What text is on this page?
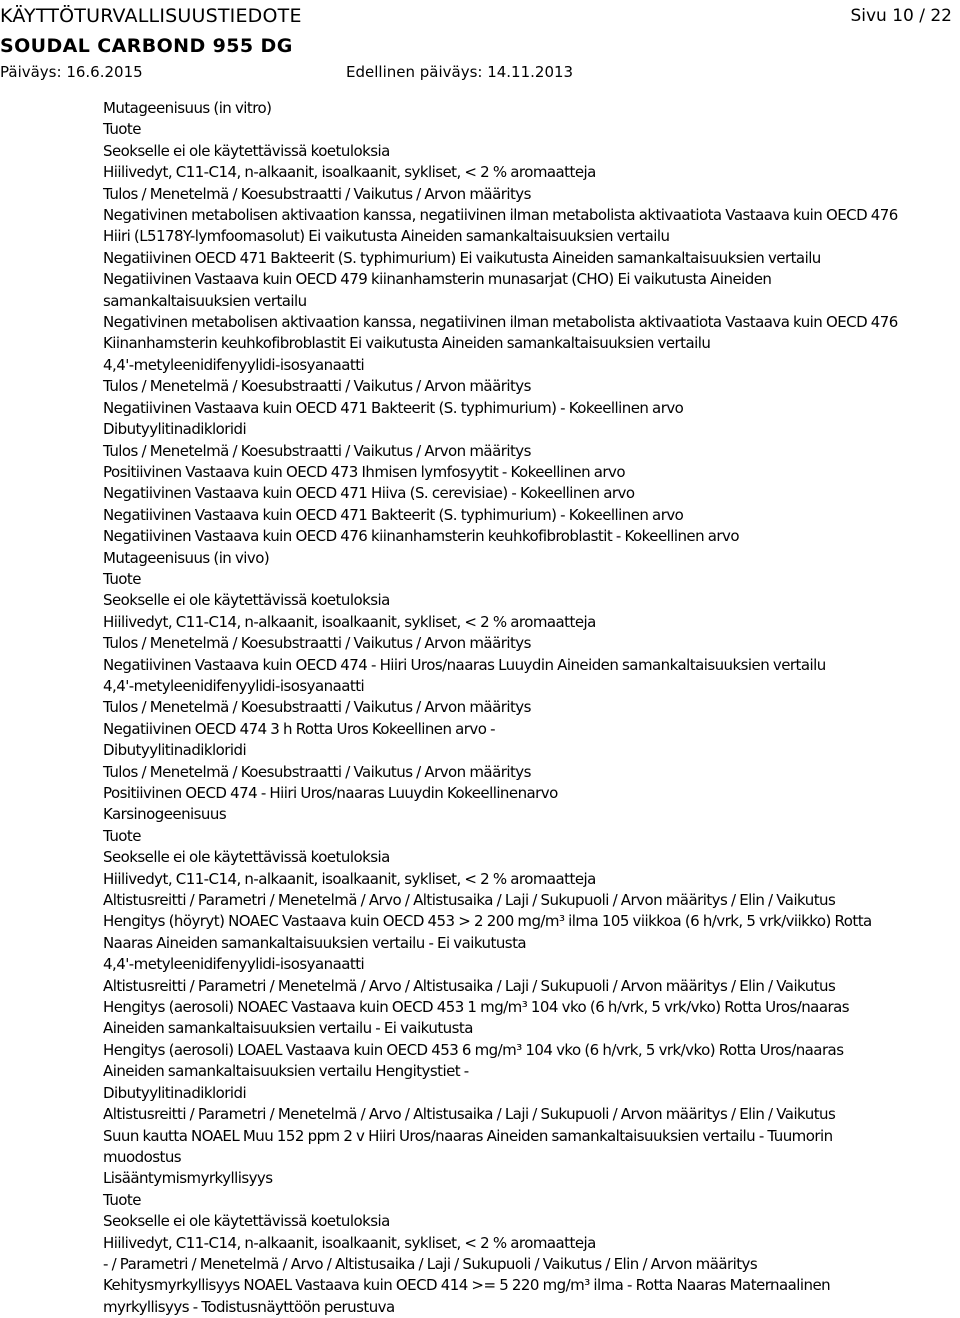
KÄYTTÖTURVALLISUUSTIEDOTE	Sivu 10 / 22
SOUDAL CARBOND 955 DG
Päiväys: 16.6.2015	Edellinen päiväys: 14.11.2013
Mutageenisuus (in vitro)
Tuote
Seokselle ei ole käytettävissä koetuloksia
Hiilivedyt, C11-C14, n-alkaanit, isoalkaanit, sykliset, < 2 % aromaatteja
Tulos / Menetelmä / Koesubstraatti / Vaikutus / Arvon määritys
Negativinen metabolisen aktivaation kanssa, negatiivinen ilman metabolista aktivaatiota Vastaava kuin OECD 476
Hiiri (L5178Y-lymfoomasolut) Ei vaikutusta Aineiden samankaltaisuuksien vertailu
Negatiivinen OECD 471 Bakteerit (S. typhimurium) Ei vaikutusta Aineiden samankaltaisuuksien vertailu
Negatiivinen Vastaava kuin OECD 479 kiinanhamsterin munasarjat (CHO) Ei vaikutusta Aineiden
samankaltaisuuksien vertailu
Negativinen metabolisen aktivaation kanssa, negatiivinen ilman metabolista aktivaatiota Vastaava kuin OECD 476
Kiinanhamsterin keuhkofibroblastit Ei vaikutusta Aineiden samankaltaisuuksien vertailu
4,4'-metyleenidifenyylidi-isosyanaatti
Tulos / Menetelmä / Koesubstraatti / Vaikutus / Arvon määritys
Negatiivinen Vastaava kuin OECD 471 Bakteerit (S. typhimurium) - Kokeellinen arvo
Dibutyylitinadikloridi
Tulos / Menetelmä / Koesubstraatti / Vaikutus / Arvon määritys
Positiivinen Vastaava kuin OECD 473 Ihmisen lymfosyytit - Kokeellinen arvo
Negatiivinen Vastaava kuin OECD 471 Hiiva (S. cerevisiae) - Kokeellinen arvo
Negatiivinen Vastaava kuin OECD 471 Bakteerit (S. typhimurium) - Kokeellinen arvo
Negatiivinen Vastaava kuin OECD 476 kiinanhamsterin keuhkofibroblastit - Kokeellinen arvo
Mutageenisuus (in vivo)
Tuote
Seokselle ei ole käytettävissä koetuloksia
Hiilivedyt, C11-C14, n-alkaanit, isoalkaanit, sykliset, < 2 % aromaatteja
Tulos / Menetelmä / Koesubstraatti / Vaikutus / Arvon määritys
Negatiivinen Vastaava kuin OECD 474 - Hiiri Uros/naaras Luuydin Aineiden samankaltaisuuksien vertailu
4,4'-metyleenidifenyylidi-isosyanaatti
Tulos / Menetelmä / Koesubstraatti / Vaikutus / Arvon määritys
Negatiivinen OECD 474 3 h Rotta Uros Kokeellinen arvo -
Dibutyylitinadikloridi
Tulos / Menetelmä / Koesubstraatti / Vaikutus / Arvon määritys
Positiivinen OECD 474 - Hiiri Uros/naaras Luuydin Kokeellinenarvo
Karsinogeenisuus
Tuote
Seokselle ei ole käytettävissä koetuloksia
Hiilivedyt, C11-C14, n-alkaanit, isoalkaanit, sykliset, < 2 % aromaatteja
Altistusreitti / Parametri / Menetelmä / Arvo / Altistusaika / Laji / Sukupuoli / Arvon määritys / Elin / Vaikutus
Hengitys (höyryt) NOAEC Vastaava kuin OECD 453 > 2 200 mg/m³ ilma 105 viikkoa (6 h/vrk, 5 vrk/viikko) Rotta
Naaras Aineiden samankaltaisuuksien vertailu - Ei vaikutusta
4,4'-metyleenidifenyylidi-isosyanaatti
Altistusreitti / Parametri / Menetelmä / Arvo / Altistusaika / Laji / Sukupuoli / Arvon määritys / Elin / Vaikutus
Hengitys (aerosoli) NOAEC Vastaava kuin OECD 453 1 mg/m³ 104 vko (6 h/vrk, 5 vrk/vko) Rotta Uros/naaras
Aineiden samankaltaisuuksien vertailu - Ei vaikutusta
Hengitys (aerosoli) LOAEL Vastaava kuin OECD 453 6 mg/m³ 104 vko (6 h/vrk, 5 vrk/vko) Rotta Uros/naaras
Aineiden samankaltaisuuksien vertailu Hengitystiet -
Dibutyylitinadikloridi
Altistusreitti / Parametri / Menetelmä / Arvo / Altistusaika / Laji / Sukupuoli / Arvon määritys / Elin / Vaikutus
Suun kautta NOAEL Muu 152 ppm 2 v Hiiri Uros/naaras Aineiden samankaltaisuuksien vertailu - Tuumorin
muodostus
Lisääntymismyrkyllisyys
Tuote
Seokselle ei ole käytettävissä koetuloksia
Hiilivedyt, C11-C14, n-alkaanit, isoalkaanit, sykliset, < 2 % aromaatteja
- / Parametri / Menetelmä / Arvo / Altistusaika / Laji / Sukupuoli / Vaikutus / Elin / Arvon määritys
Kehitysmyrkyllisyys NOAEL Vastaava kuin OECD 414 >= 5 220 mg/m³ ilma - Rotta Naaras Maternaalinen
myrkyllisyys - Todistusnäyttöön perustuva
